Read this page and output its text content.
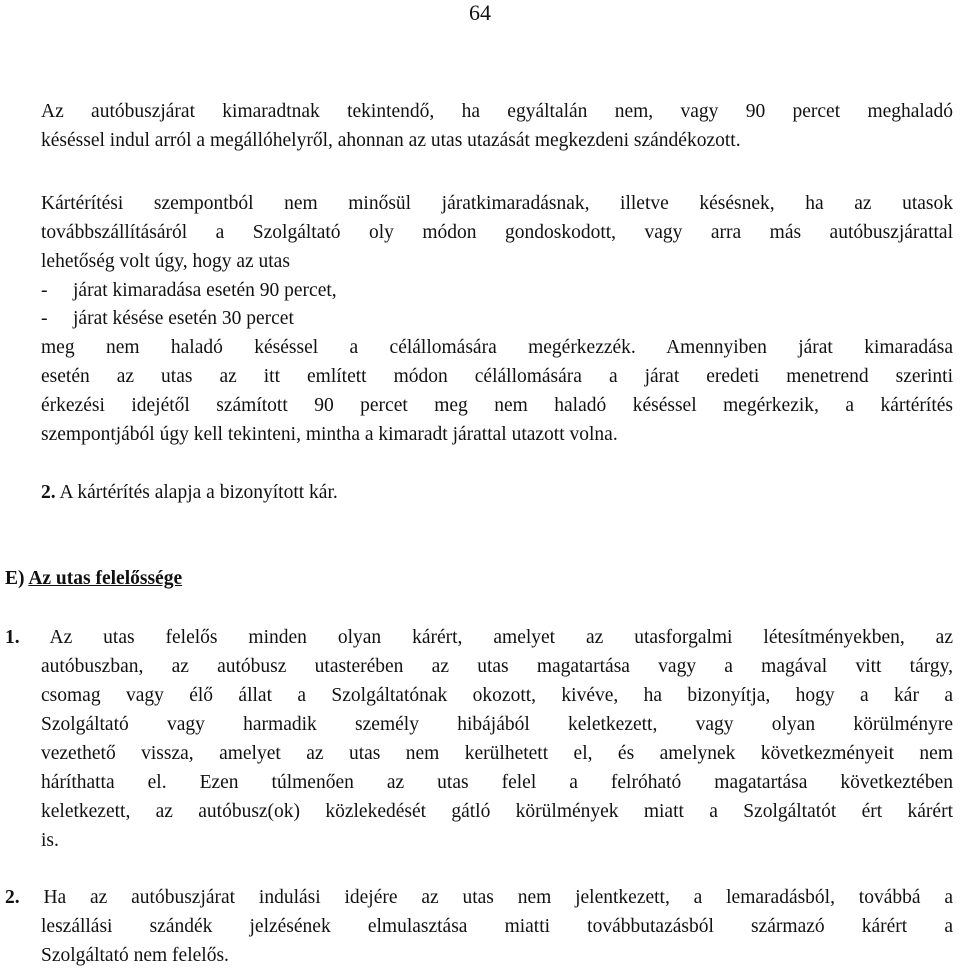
64
Az autóbuszjárat kimaradtnak tekintendő, ha egyáltalán nem, vagy 90 percet meghaladó
késéssel indul arról a megállóhelyről, ahonnan az utas utazását megkezdeni szándékozott.
Kártérítési szempontból nem minősül járatkimaradásnak, illetve késésnek, ha az utasok
továbbszállításáról a Szolgáltató oly módon gondoskodott, vagy arra más autóbuszjárattal
lehetőség volt úgy, hogy az utas
- járat kimaradása esetén 90 percet,
- járat késése esetén 30 percet
meg nem haladó késéssel a célállomására megérkezzék. Amennyiben járat kimaradása
esetén az utas az itt említett módon célállomására a járat eredeti menetrend szerinti
érkezési idejétől számított 90 percet meg nem haladó késéssel megérkezik, a kártérítés
szempontjából úgy kell tekinteni, mintha a kimaradt járattal utazott volna.
2. A kártérítés alapja a bizonyított kár.
E) Az utas felelőssége
1. Az utas felelős minden olyan kárért, amelyet az utasforgalmi létesítményekben, az
autóbuszban, az autóbusz utasterében az utas magatartása vagy a magával vitt tárgy,
csomag vagy élő állat a Szolgáltatónak okozott, kivéve, ha bizonyítja, hogy a kár a
Szolgáltató vagy harmadik személy hibájából keletkezett, vagy olyan körülményre
vezethető vissza, amelyet az utas nem kerülhetett el, és amelynek következményeit nem
háríthatta el. Ezen túlmenően az utas felel a felróható magatartása következtében
keletkezett, az autóbusz(ok) közlekedését gátló körülmények miatt a Szolgáltatót ért kárért
is.
2. Ha az autóbuszjárat indulási idejére az utas nem jelentkezett, a lemaradásból, továbbá a
leszállási szándék jelzésének elmulasztása miatti továbbutazásból származó kárért a
Szolgáltató nem felelős.
